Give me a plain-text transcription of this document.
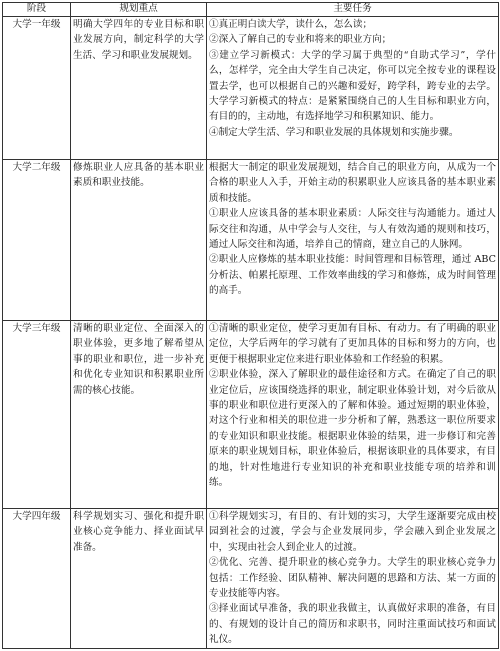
阶段	规划重点	主要任务
大学一年级	明确大学四年的专业目标和职业发展方向，制定科学的大学生活、学习和职业发展规划。	①真正明白读大学，读什么，怎么读；

②深入了解自己的专业和将来的职业方向；

③建立学习新模式：大学的学习属于典型的“自助式学习”，学什么，怎样学，完全由大学生自己决定，你可以完全按专业的课程设置去学，也可以根据自己的兴趣和爱好，跨学科，跨专业的去学。大学学习新模式的特点：是紧紧围绕自己的人生目标和职业方向，有目的的，主动地，有选择地学习和积累知识、能力。

④制定大学生活、学习和职业发展的具体规划和实施步骤。

大学二年级	修炼职业人应具备的基本职业素质和职业技能。	根据大一制定的职业发展规划，结合自己的职业方向，从成为一个合格的职业人入手，开始主动的积累职业人应该具备的基本职业素质和技能。

①职业人应该具备的基本职业素质：人际交往与沟通能力。通过人际交往和沟通，从中学会与人交往，与人有效沟通的规则和技巧，通过人际交往和沟通，培养自己的情商，建立自己的人脉网。

②职业人应修炼的基本职业技能：时间管理和目标管理，通过 ABC 分析法、帕累托原理、工作效率曲线的学习和修炼，成为时间管理的高手。

大学三年级	清晰的职业定位、全面深入的职业体验，更多地了解希望从事的职业和职位，进一步补充和优化专业知识和积累职业所需的核心技能。	①清晰的职业定位，使学习更加有目标、有动力。有了明确的职业定位，大学后两年的学习就有了更加具体的目标和努力的方向，也更便于根据职业定位来进行职业体验和工作经验的积累。

②职业体验，深入了解职业的最佳途径和方式。在确定了自己的职业定位后，应该围绕选择的职业，制定职业体验计划，对今后欲从事的职业和职位进行更深入的了解和体验。通过短期的职业体验，对这个行业和相关的职位进一步分析和了解，熟悉这一职位所要求的专业知识和职业技能。根据职业体验的结果，进一步修订和完善原来的职业规划目标，职业体验后，根据该职业的具体要求，有目的地，针对性地进行专业知识的补充和职业技能专项的培养和训练。

大学四年级	科学规划实习、强化和提升职业核心竞争能力、择业面试早准备。	①科学规划实习，有目的、有计划的实习，大学生逐渐要完成由校园到社会的过渡，学会与企业发展同步，学会融入到企业发展之中，实现由社会人到企业人的过渡。

②优化、完善、提升职业的核心竞争力。大学生的职业核心竞争力包括：工作经验、团队精神、解决问题的思路和方法、某一方面的专业技能等内容。

③择业面试早准备，我的职业我做主，认真做好求职的准备，有目的、有规划的设计自己的简历和求职书，同时注重面试技巧和面试礼仪。
